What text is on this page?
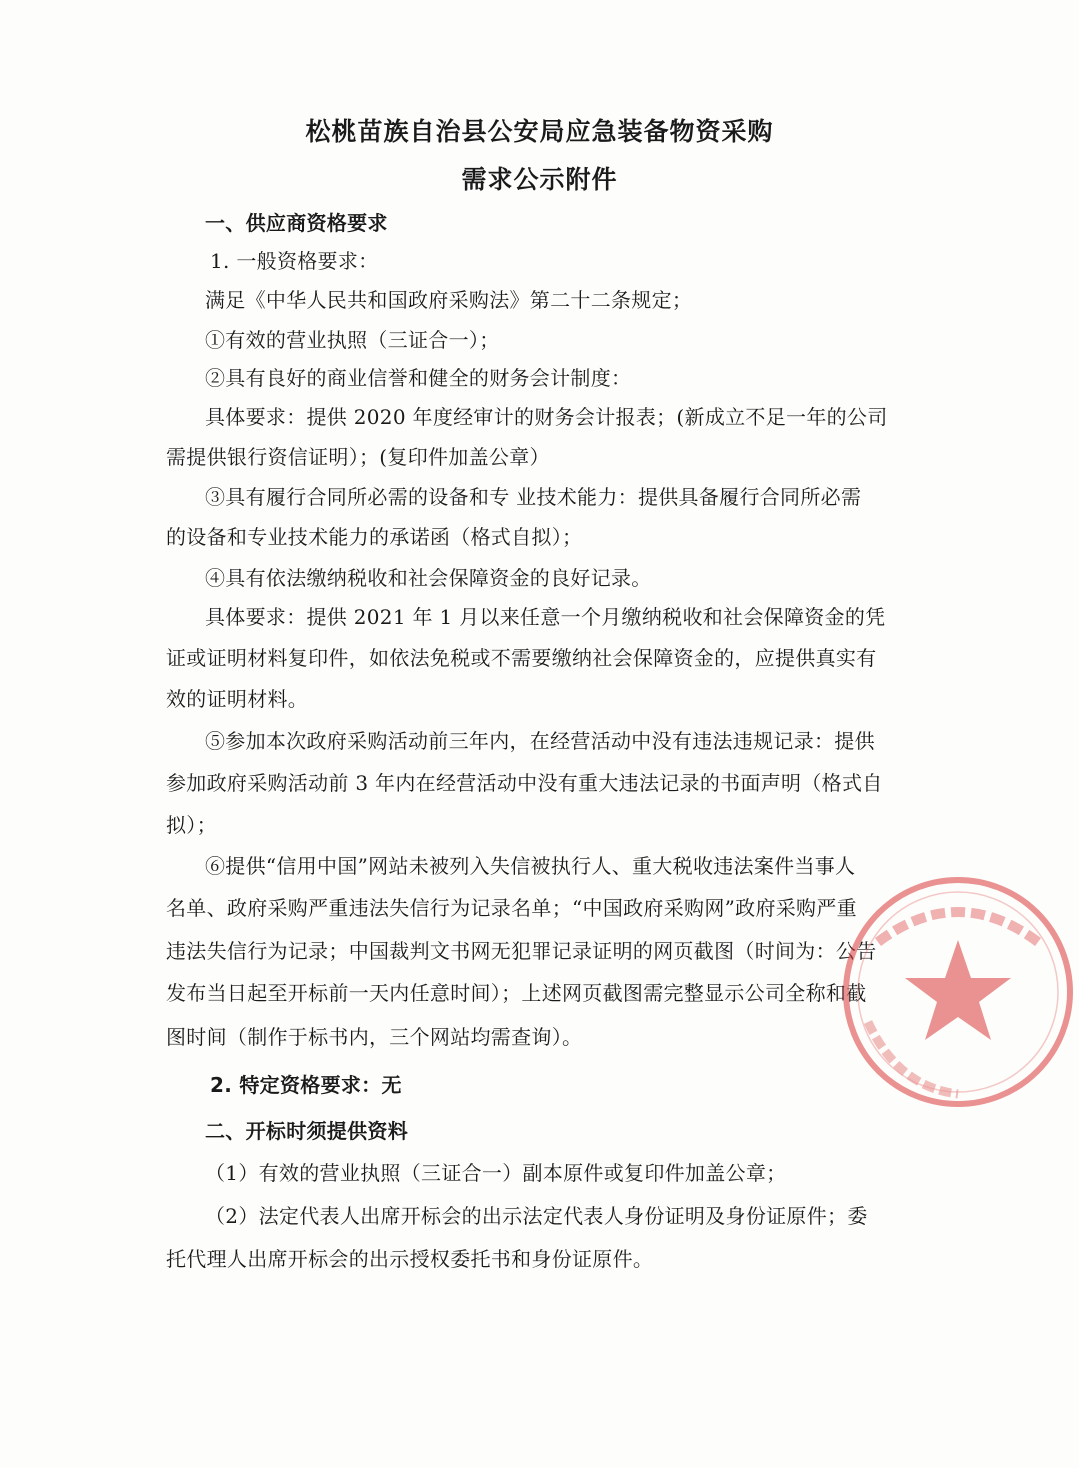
松桃苗族自治县公安局应急装备物资采购
需求公示附件
一、供应商资格要求
1. 一般资格要求：
满足《中华人民共和国政府采购法》第二十二条规定；
①有效的营业执照（三证合一）；
②具有良好的商业信誉和健全的财务会计制度：
具体要求：提供 2020 年度经审计的财务会计报表；(新成立不足一年的公司
需提供银行资信证明）；(复印件加盖公章）
③具有履行合同所必需的设备和专 业技术能力：提供具备履行合同所必需
的设备和专业技术能力的承诺函（格式自拟）；
④具有依法缴纳税收和社会保障资金的良好记录。
具体要求：提供 2021 年 1 月以来任意一个月缴纳税收和社会保障资金的凭
证或证明材料复印件，如依法免税或不需要缴纳社会保障资金的，应提供真实有
效的证明材料。
⑤参加本次政府采购活动前三年内，在经营活动中没有违法违规记录：提供
参加政府采购活动前 3 年内在经营活动中没有重大违法记录的书面声明（格式自
拟）；
⑥提供“信用中国”网站未被列入失信被执行人、重大税收违法案件当事人
名单、政府采购严重违法失信行为记录名单；“中国政府采购网”政府采购严重
违法失信行为记录；中国裁判文书网无犯罪记录证明的网页截图（时间为：公告
发布当日起至开标前一天内任意时间）；上述网页截图需完整显示公司全称和截
图时间（制作于标书内，三个网站均需查询）。
2. 特定资格要求：无
二、开标时须提供资料
（1）有效的营业执照（三证合一）副本原件或复印件加盖公章；
（2）法定代表人出席开标会的出示法定代表人身份证明及身份证原件；委
托代理人出席开标会的出示授权委托书和身份证原件。
